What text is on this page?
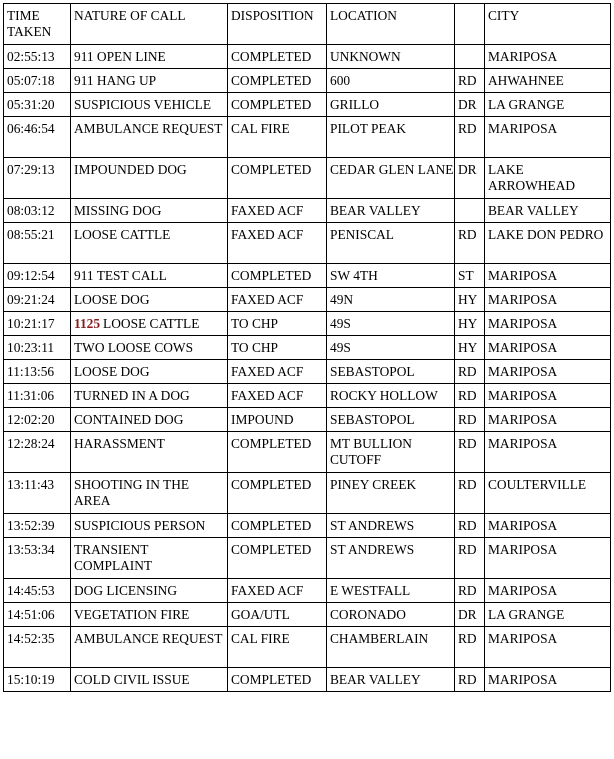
TIME TAKEN	NATURE OF CALL	DISPOSITION	LOCATION		CITY
02:55:13	911 OPEN LINE	COMPLETED	UNKNOWN		MARIPOSA
05:07:18	911 HANG UP	COMPLETED	600	RD	AHWAHNEE
05:31:20	SUSPICIOUS VEHICLE	COMPLETED	GRILLO	DR	LA GRANGE
06:46:54	AMBULANCE REQUEST	CAL FIRE	PILOT PEAK	RD	MARIPOSA
07:29:13	IMPOUNDED DOG	COMPLETED	CEDAR GLEN LANE	DR	LAKE ARROWHEAD
08:03:12	MISSING DOG	FAXED ACF	BEAR VALLEY		BEAR VALLEY
08:55:21	LOOSE CATTLE	FAXED ACF	PENISCAL	RD	LAKE DON PEDRO
09:12:54	911 TEST CALL	COMPLETED	SW 4TH	ST	MARIPOSA
09:21:24	LOOSE DOG	FAXED ACF	49N	HY	MARIPOSA
10:21:17	1125 LOOSE CATTLE	TO CHP	49S	HY	MARIPOSA
10:23:11	TWO LOOSE COWS	TO CHP	49S	HY	MARIPOSA
11:13:56	LOOSE DOG	FAXED ACF	SEBASTOPOL	RD	MARIPOSA
11:31:06	TURNED IN A DOG	FAXED ACF	ROCKY HOLLOW	RD	MARIPOSA
12:02:20	CONTAINED DOG	IMPOUND	SEBASTOPOL	RD	MARIPOSA
12:28:24	HARASSMENT	COMPLETED	MT BULLION CUTOFF	RD	MARIPOSA
13:11:43	SHOOTING IN THE AREA	COMPLETED	PINEY CREEK	RD	COULTERVILLE
13:52:39	SUSPICIOUS PERSON	COMPLETED	ST ANDREWS	RD	MARIPOSA
13:53:34	TRANSIENT COMPLAINT	COMPLETED	ST ANDREWS	RD	MARIPOSA
14:45:53	DOG LICENSING	FAXED ACF	E WESTFALL	RD	MARIPOSA
14:51:06	VEGETATION FIRE	GOA/UTL	CORONADO	DR	LA GRANGE
14:52:35	AMBULANCE REQUEST	CAL FIRE	CHAMBERLAIN	RD	MARIPOSA
15:10:19	COLD CIVIL ISSUE	COMPLETED	BEAR VALLEY	RD	MARIPOSA
